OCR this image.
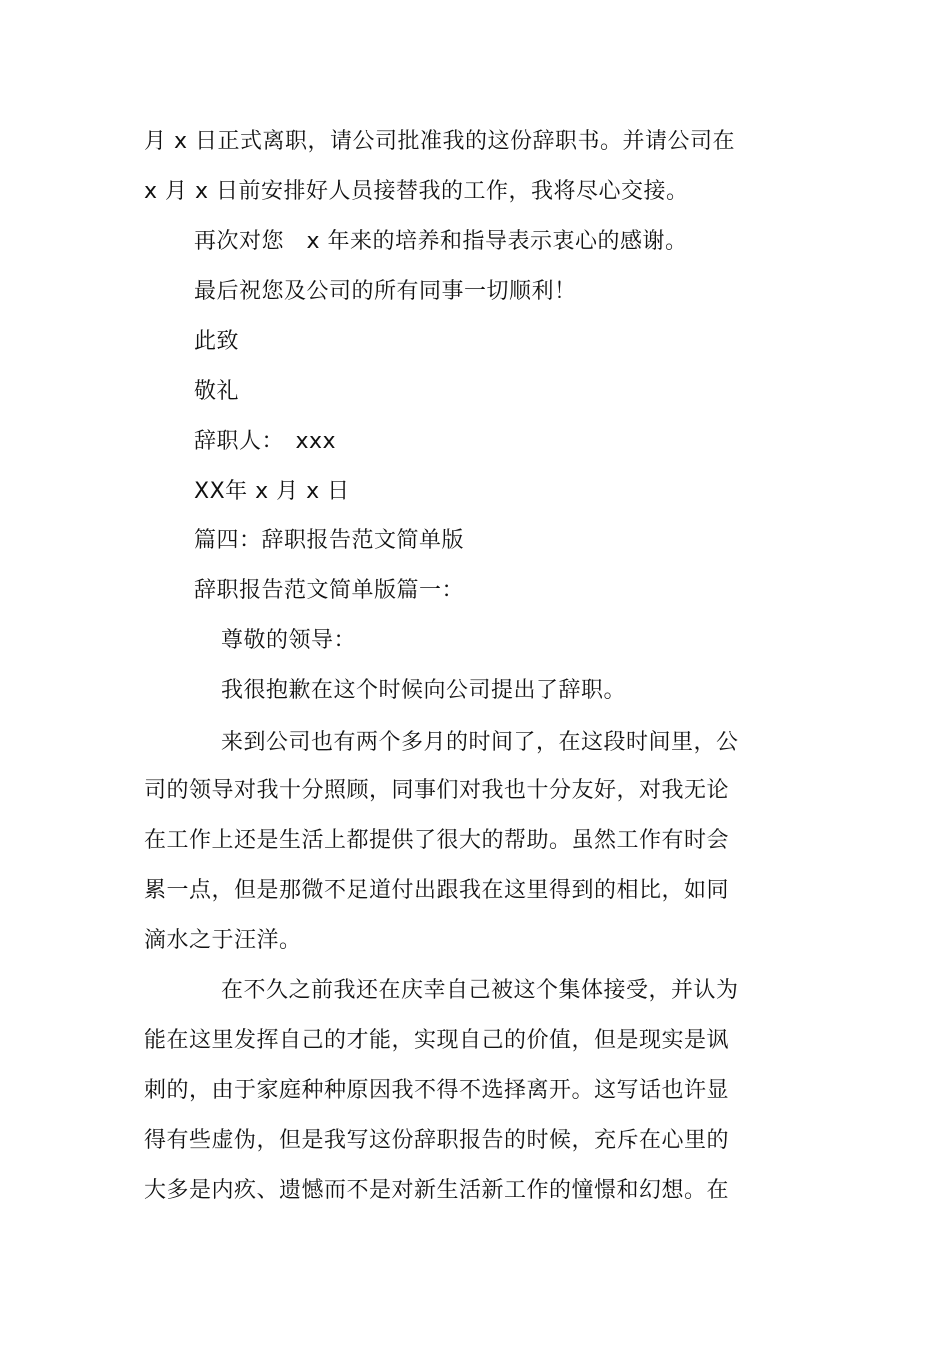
月 x 日正式离职，请公司批准我的这份辞职书。并请公司在
x 月 x 日前安排好人员接替我的工作，我将尽心交接。
再次对您　x 年来的培养和指导表示衷心的感谢。
最后祝您及公司的所有同事一切顺利！
此致
敬礼
辞职人：　xxx
XX年 x 月 x 日
篇四：辞职报告范文简单版
辞职报告范文简单版篇一：
尊敬的领导：
我很抱歉在这个时候向公司提出了辞职。
来到公司也有两个多月的时间了，在这段时间里，公
司的领导对我十分照顾，同事们对我也十分友好，对我无论
在工作上还是生活上都提供了很大的帮助。虽然工作有时会
累一点，但是那微不足道付出跟我在这里得到的相比，如同
滴水之于汪洋。
在不久之前我还在庆幸自己被这个集体接受，并认为
能在这里发挥自己的才能，实现自己的价值，但是现实是讽
刺的，由于家庭种种原因我不得不选择离开。这写话也许显
得有些虚伪，但是我写这份辞职报告的时候，充斥在心里的
大多是内疚、遗憾而不是对新生活新工作的憧憬和幻想。在
